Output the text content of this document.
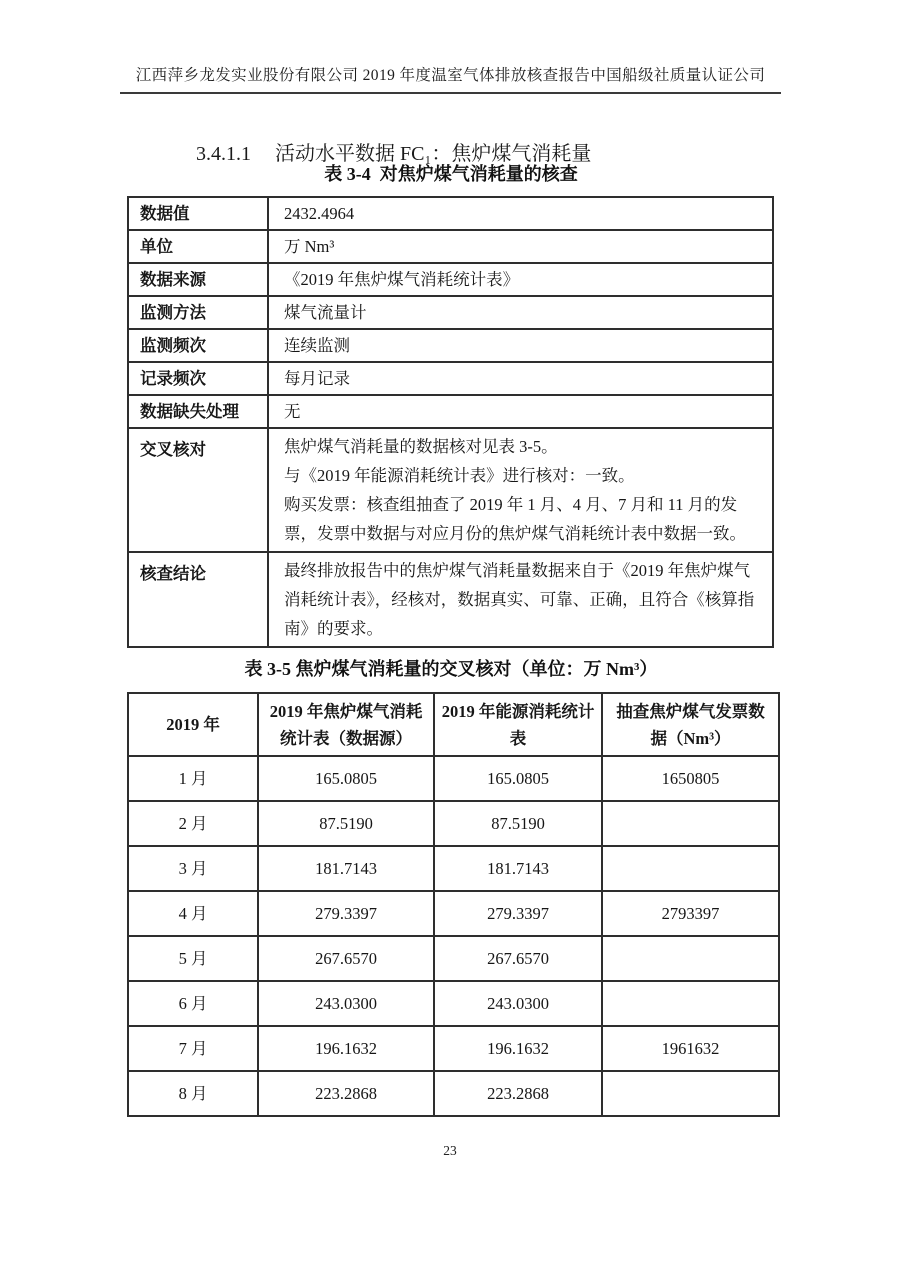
江西萍乡龙发实业股份有限公司 2019 年度温室气体排放核查报告中国船级社质量认证公司

3.4.1.1 活动水平数据 FC₁：焦炉煤气消耗量

表 3-4  对焦炉煤气消耗量的核查
数据值	2432.4964
单位	万 Nm³
数据来源	《2019 年焦炉煤气消耗统计表》
监测方法	煤气流量计
监测频次	连续监测
记录频次	每月记录
数据缺失处理	无
交叉核对	焦炉煤气消耗量的数据核对见表 3-5。
与《2019 年能源消耗统计表》进行核对：一致。
购买发票：核查组抽查了 2019 年 1 月、4 月、7 月和 11 月的发票，发票中数据与对应月份的焦炉煤气消耗统计表中数据一致。

核查结论	最终排放报告中的焦炉煤气消耗量数据来自于《2019 年焦炉煤气消耗统计表》，经核对，数据真实、可靠、正确，且符合《核算指南》的要求。
表 3-5 焦炉煤气消耗量的交叉核对（单位：万 Nm³）
2019 年	2019 年焦炉煤气消耗统计表（数据源）	2019 年能源消耗统计表	抽查焦炉煤气发票数据（Nm³）
1 月	165.0805	165.0805	1650805
2 月	87.5190	87.5190	
3 月	181.7143	181.7143	
4 月	279.3397	279.3397	2793397
5 月	267.6570	267.6570	
6 月	243.0300	243.0300	
7 月	196.1632	196.1632	1961632
8 月	223.2868	223.2868	
23
